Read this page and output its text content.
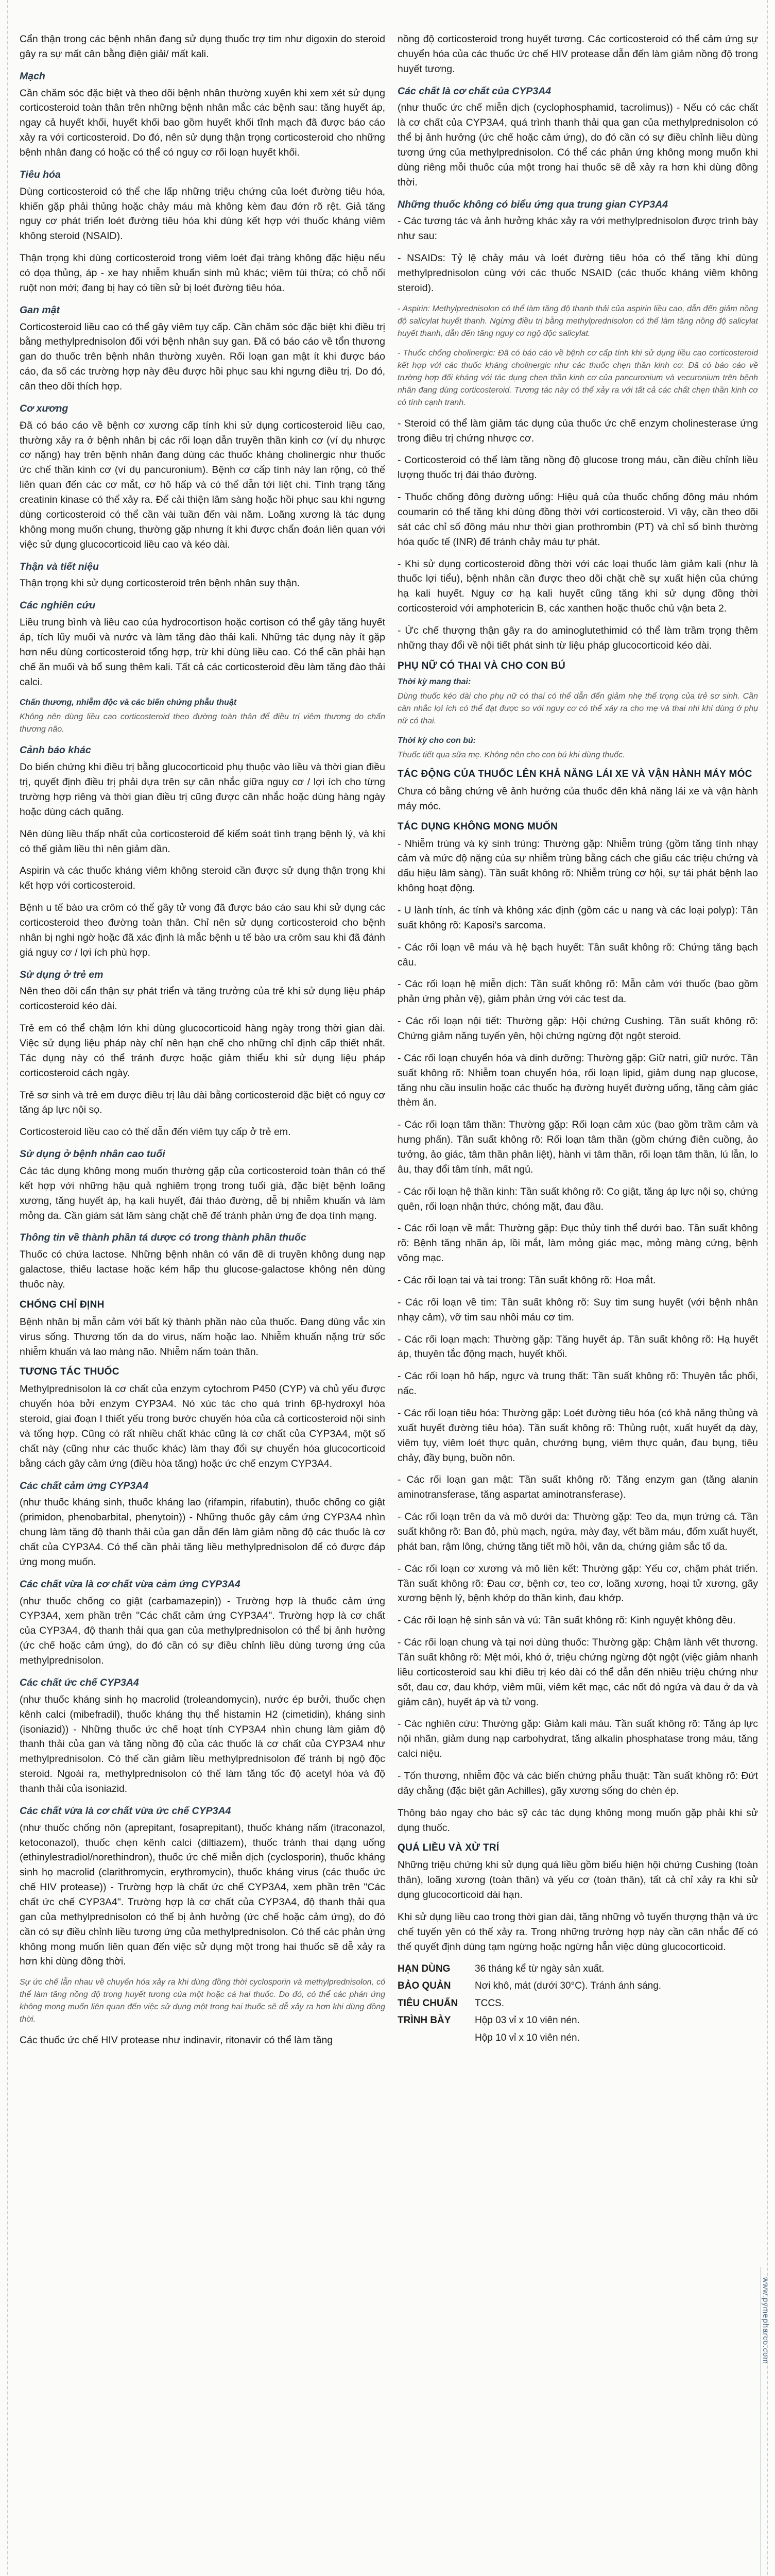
Cẩn thận trong các bệnh nhân đang sử dụng thuốc trợ tim như digoxin do steroid gây ra sự mất cân bằng điện giải/ mất kali.
Mạch
Cần chăm sóc đặc biệt và theo dõi bệnh nhân thường xuyên khi xem xét sử dụng corticosteroid toàn thân trên những bệnh nhân mắc các bệnh sau: tăng huyết áp, ngay cả huyết khối, huyết khối bao gồm huyết khối tĩnh mạch đã được báo cáo xảy ra với corticosteroid. Do đó, nên sử dụng thận trọng corticosteroid cho những bệnh nhân đang có hoặc có thể có nguy cơ rối loạn huyết khối.
Tiêu hóa
Dùng corticosteroid có thể che lấp những triệu chứng của loét đường tiêu hóa, khiến gặp phải thủng hoặc chảy máu mà không kèm đau đớn rõ rệt. Giả tăng nguy cơ phát triển loét đường tiêu hóa khi dùng kết hợp với thuốc kháng viêm không steroid (NSAID).
Thận trọng khi dùng corticosteroid trong viêm loét đại tràng không đặc hiệu nếu có dọa thủng, áp - xe hay nhiễm khuẩn sinh mủ khác; viêm túi thừa; có chỗ nối ruột non mới; đang bị hay có tiền sử bị loét đường tiêu hóa.
Gan mật
Corticosteroid liều cao có thể gây viêm tụy cấp. Cần chăm sóc đặc biệt khi điều trị bằng methylprednisolon đối với bệnh nhân suy gan. Đã có báo cáo về tổn thương gan do thuốc trên bệnh nhân thường xuyên. Rối loạn gan mật ít khi được báo cáo, đa số các trường hợp này đều được hồi phục sau khi ngưng điều trị. Do đó, cần theo dõi thích hợp.
Cơ xương
Đã có báo cáo về bệnh cơ xương cấp tính khi sử dụng corticosteroid liều cao, thường xảy ra ở bệnh nhân bị các rối loạn dẫn truyền thần kinh cơ (ví dụ nhược cơ nặng) hay trên bệnh nhân đang dùng các thuốc kháng cholinergic như thuốc ức chế thần kinh cơ (ví dụ pancuronium). Bệnh cơ cấp tính này lan rộng, có thể liên quan đến các cơ mắt, cơ hô hấp và có thể dẫn tới liệt chi. Tình trạng tăng creatinin kinase có thể xảy ra. Để cải thiện lâm sàng hoặc hồi phục sau khi ngưng dùng corticosteroid có thể cần vài tuần đến vài năm. Loãng xương là tác dụng không mong muốn chung, thường gặp nhưng ít khi được chẩn đoán liên quan với việc sử dụng glucocorticoid liều cao và kéo dài.
Thận và tiết niệu
Thận trọng khi sử dụng corticosteroid trên bệnh nhân suy thận.
Các nghiên cứu
Liều trung bình và liều cao của hydrocortison hoặc cortison có thể gây tăng huyết áp, tích lũy muối và nước và làm tăng đào thải kali. Những tác dụng này ít gặp hơn nếu dùng corticosteroid tổng hợp, trừ khi dùng liều cao. Có thể cần phải hạn chế ăn muối và bổ sung thêm kali. Tất cả các corticosteroid đều làm tăng đào thải calci.
Chấn thương, nhiễm độc và các biến chứng phẫu thuật
Không nên dùng liều cao corticosteroid theo đường toàn thân để điều trị viêm thương do chấn thương não.
Cảnh báo khác
Do biến chứng khi điều trị bằng glucocorticoid phụ thuộc vào liều và thời gian điều trị, quyết định điều trị phải dựa trên sự cân nhắc giữa nguy cơ / lợi ích cho từng trường hợp riêng và thời gian điều trị cũng được cân nhắc hoặc dùng hàng ngày hoặc dùng cách quãng.
Nên dùng liều thấp nhất của corticosteroid để kiểm soát tình trạng bệnh lý, và khi có thể giảm liều thì nên giảm dần.
Aspirin và các thuốc kháng viêm không steroid cần được sử dụng thận trọng khi kết hợp với corticosteroid.
Bệnh u tế bào ưa crôm có thể gây tử vong đã được báo cáo sau khi sử dụng các corticosteroid theo đường toàn thân. Chỉ nên sử dụng corticosteroid cho bệnh nhân bị nghi ngờ hoặc đã xác định là mắc bệnh u tế bào ưa crôm sau khi đã đánh giá nguy cơ / lợi ích phù hợp.
Sử dụng ở trẻ em
Nên theo dõi cẩn thận sự phát triển và tăng trưởng của trẻ khi sử dụng liệu pháp corticosteroid kéo dài.
Trẻ em có thể chậm lớn khi dùng glucocorticoid hàng ngày trong thời gian dài. Việc sử dụng liệu pháp này chỉ nên hạn chế cho những chỉ định cấp thiết nhất. Tác dụng này có thể tránh được hoặc giảm thiểu khi sử dụng liệu pháp corticosteroid cách ngày.
Trẻ sơ sinh và trẻ em được điều trị lâu dài bằng corticosteroid đặc biệt có nguy cơ tăng áp lực nội sọ.
Corticosteroid liều cao có thể dẫn đến viêm tụy cấp ở trẻ em.
Sử dụng ở bệnh nhân cao tuổi
Các tác dụng không mong muốn thường gặp của corticosteroid toàn thân có thể kết hợp với những hậu quả nghiêm trọng trong tuổi già, đặc biệt bệnh loãng xương, tăng huyết áp, hạ kali huyết, đái tháo đường, dễ bị nhiễm khuẩn và làm mỏng da. Cần giám sát lâm sàng chặt chẽ để tránh phản ứng đe dọa tính mạng.
Thông tin về thành phần tá dược có trong thành phần thuốc
Thuốc có chứa lactose. Những bệnh nhân có vấn đề di truyền không dung nạp galactose, thiếu lactase hoặc kém hấp thu glucose-galactose không nên dùng thuốc này.
CHỐNG CHỈ ĐỊNH
Bệnh nhân bị mẫn cảm với bất kỳ thành phần nào của thuốc. Đang dùng vắc xin virus sống. Thương tổn da do virus, nấm hoặc lao. Nhiễm khuẩn nặng trừ sốc nhiễm khuẩn và lao màng não. Nhiễm nấm toàn thân.
TƯƠNG TÁC THUỐC
Methylprednisolon là cơ chất của enzym cytochrom P450 (CYP) và chủ yếu được chuyển hóa bởi enzym CYP3A4. Nó xúc tác cho quá trình 6β-hydroxyl hóa steroid, giai đoạn I thiết yếu trong bước chuyển hóa của cả corticosteroid nội sinh và tổng hợp. Cũng có rất nhiều chất khác cũng là cơ chất của CYP3A4, một số chất này (cũng như các thuốc khác) làm thay đổi sự chuyển hóa glucocorticoid bằng cách gây cảm ứng (điều hòa tăng) hoặc ức chế enzym CYP3A4.
Các chất cảm ứng CYP3A4
(như thuốc kháng sinh, thuốc kháng lao (rifampin, rifabutin), thuốc chống co giật (primidon, phenobarbital, phenytoin)) - Những thuốc gây cảm ứng CYP3A4 nhìn chung làm tăng độ thanh thải của gan dẫn đến làm giảm nồng độ các thuốc là cơ chất của CYP3A4. Có thể cần phải tăng liều methylprednisolon để có được đáp ứng mong muốn.
Các chất vừa là cơ chất vừa cảm ứng CYP3A4
(như thuốc chống co giật (carbamazepin)) - Trường hợp là thuốc cảm ứng CYP3A4, xem phần trên "Các chất cảm ứng CYP3A4". Trường hợp là cơ chất của CYP3A4, độ thanh thải qua gan của methylprednisolon có thể bị ảnh hưởng (ức chế hoặc cảm ứng), do đó cần có sự điều chỉnh liều dùng tương ứng của methylprednisolon.
Các chất ức chế CYP3A4
(như thuốc kháng sinh họ macrolid (troleandomycin), nước ép bưởi, thuốc chẹn kênh calci (mibefradil), thuốc kháng thụ thể histamin H2 (cimetidin), kháng sinh (isoniazid)) - Những thuốc ức chế hoạt tính CYP3A4 nhìn chung làm giảm độ thanh thải của gan và tăng nồng độ của các thuốc là cơ chất của CYP3A4 như methylprednisolon. Có thể cần giảm liều methylprednisolon để tránh bị ngộ độc steroid. Ngoài ra, methylprednisolon có thể làm tăng tốc độ acetyl hóa và độ thanh thải của isoniazid.
Các chất vừa là cơ chất vừa ức chế CYP3A4
(như thuốc chống nôn (aprepitant, fosaprepitant), thuốc kháng nấm (itraconazol, ketoconazol), thuốc chẹn kênh calci (diltiazem), thuốc tránh thai dạng uống (ethinylestradiol/norethindron), thuốc ức chế miễn dịch (cyclosporin), thuốc kháng sinh họ macrolid (clarithromycin, erythromycin), thuốc kháng virus (các thuốc ức chế HIV protease)) - Trường hợp là chất ức chế CYP3A4, xem phần trên "Các chất ức chế CYP3A4". Trường hợp là cơ chất của CYP3A4, độ thanh thải qua gan của methylprednisolon có thể bị ảnh hưởng (ức chế hoặc cảm ứng), do đó cần có sự điều chỉnh liều tương ứng của methylprednisolon. Có thể các phản ứng không mong muốn liên quan đến việc sử dụng một trong hai thuốc sẽ dễ xảy ra hơn khi dùng đồng thời.
Sự ức chế lẫn nhau về chuyển hóa xảy ra khi dùng đồng thời cyclosporin và methylprednisolon, có thể làm tăng nồng độ trong huyết tương của một hoặc cả hai thuốc. Do đó, có thể các phản ứng không mong muốn liên quan đến việc sử dụng một trong hai thuốc sẽ dễ xảy ra hơn khi dùng đồng thời.
Các thuốc ức chế HIV protease như indinavir, ritonavir có thể làm tăng
nồng độ corticosteroid trong huyết tương. Các corticosteroid có thể cảm ứng sự chuyển hóa của các thuốc ức chế HIV protease dẫn đến làm giảm nồng độ trong huyết tương.
Các chất là cơ chất của CYP3A4
(như thuốc ức chế miễn dịch (cyclophosphamid, tacrolimus)) - Nếu có các chất là cơ chất của CYP3A4, quá trình thanh thải qua gan của methylprednisolon có thể bị ảnh hưởng (ức chế hoặc cảm ứng), do đó cần có sự điều chỉnh liều dùng tương ứng của methylprednisolon. Có thể các phản ứng không mong muốn khi dùng riêng mỗi thuốc của một trong hai thuốc sẽ dễ xảy ra hơn khi dùng đồng thời.
Những thuốc không có biểu ứng qua trung gian CYP3A4
- Các tương tác và ảnh hưởng khác xảy ra với methylprednisolon được trình bày như sau:
- NSAIDs: Tỷ lệ chảy máu và loét đường tiêu hóa có thể tăng khi dùng methylprednisolon cùng với các thuốc NSAID (các thuốc kháng viêm không steroid).
- Aspirin: Methylprednisolon có thể làm tăng độ thanh thải của aspirin liều cao, dẫn đến giảm nồng độ salicylat huyết thanh. Ngừng điều trị bằng methylprednisolon có thể làm tăng nồng độ salicylat huyết thanh, dẫn đến tăng nguy cơ ngộ độc salicylat.
- Thuốc chống cholinergic: Đã có báo cáo về bệnh cơ cấp tính khi sử dụng liều cao corticosteroid kết hợp với các thuốc kháng cholinergic như các thuốc chẹn thần kinh cơ. Đã có báo cáo về trường hợp đối kháng với tác dụng chẹn thần kinh cơ của pancuronium và vecuronium trên bệnh nhân đang dùng corticosteroid. Tương tác này có thể xảy ra với tất cả các chất chẹn thần kinh cơ có tính cạnh tranh.
- Steroid có thể làm giảm tác dụng của thuốc ức chế enzym cholinesterase ứng trong điều trị chứng nhược cơ.
- Corticosteroid có thể làm tăng nồng độ glucose trong máu, cần điều chỉnh liều lượng thuốc trị đái tháo đường.
- Thuốc chống đông đường uống: Hiệu quả của thuốc chống đông máu nhóm coumarin có thể tăng khi dùng đồng thời với corticosteroid. Vì vậy, cần theo dõi sát các chỉ số đông máu như thời gian prothrombin (PT) và chỉ số bình thường hóa quốc tế (INR) để tránh chảy máu tự phát.
- Khi sử dụng corticosteroid đồng thời với các loại thuốc làm giảm kali (như là thuốc lợi tiểu), bệnh nhân cần được theo dõi chặt chẽ sự xuất hiện của chứng hạ kali huyết. Nguy cơ hạ kali huyết cũng tăng khi sử dụng đồng thời corticosteroid với amphotericin B, các xanthen hoặc thuốc chủ vận beta 2.
- Ức chế thượng thận gây ra do aminoglutethimid có thể làm trầm trọng thêm những thay đổi về nội tiết phát sinh từ liệu pháp glucocorticoid kéo dài.
PHỤ NỮ CÓ THAI VÀ CHO CON BÚ
Thời kỳ mang thai:
Dùng thuốc kéo dài cho phụ nữ có thai có thể dẫn đến giảm nhẹ thể trọng của trẻ sơ sinh. Cần cân nhắc lợi ích có thể đạt được so với nguy cơ có thể xảy ra cho mẹ và thai nhi khi dùng ở phụ nữ có thai.
Thời kỳ cho con bú:
Thuốc tiết qua sữa mẹ. Không nên cho con bú khi dùng thuốc.
TÁC ĐỘNG CỦA THUỐC LÊN KHẢ NĂNG LÁI XE VÀ VẬN HÀNH MÁY MÓC
Chưa có bằng chứng về ảnh hưởng của thuốc đến khả năng lái xe và vận hành máy móc.
TÁC DỤNG KHÔNG MONG MUỐN
- Nhiễm trùng và ký sinh trùng: Thường gặp: Nhiễm trùng (gồm tăng tính nhạy cảm và mức độ nặng của sự nhiễm trùng bằng cách che giấu các triệu chứng và dấu hiệu lâm sàng). Tần suất không rõ: Nhiễm trùng cơ hội, sự tái phát bệnh lao không hoạt động.
- U lành tính, ác tính và không xác định (gồm các u nang và các loại polyp): Tần suất không rõ: Kaposi's sarcoma.
- Các rối loạn về máu và hệ bạch huyết: Tần suất không rõ: Chứng tăng bạch cầu.
- Các rối loạn hệ miễn dịch: Tần suất không rõ: Mẫn cảm với thuốc (bao gồm phản ứng phản vệ), giảm phản ứng với các test da.
- Các rối loạn nội tiết: Thường gặp: Hội chứng Cushing. Tần suất không rõ: Chứng giảm năng tuyến yên, hội chứng ngừng đột ngột steroid.
- Các rối loạn chuyển hóa và dinh dưỡng: Thường gặp: Giữ natri, giữ nước. Tần suất không rõ: Nhiễm toan chuyển hóa, rối loạn lipid, giảm dung nạp glucose, tăng nhu cầu insulin hoặc các thuốc hạ đường huyết đường uống, tăng cảm giác thèm ăn.
- Các rối loạn tâm thần: Thường gặp: Rối loạn cảm xúc (bao gồm trầm cảm và hưng phấn). Tần suất không rõ: Rối loạn tâm thần (gồm chứng điên cuồng, ảo tưởng, ảo giác, tâm thần phân liệt), hành vi tâm thần, rối loạn tâm thần, lú lẫn, lo âu, thay đổi tâm tính, mất ngủ.
- Các rối loạn hệ thần kinh: Tần suất không rõ: Co giật, tăng áp lực nội sọ, chứng quên, rối loạn nhận thức, chóng mặt, đau đầu.
- Các rối loạn về mắt: Thường gặp: Đục thủy tinh thể dưới bao. Tần suất không rõ: Bệnh tăng nhãn áp, lồi mắt, làm mỏng giác mạc, mỏng màng cứng, bệnh võng mạc.
- Các rối loạn tai và tai trong: Tần suất không rõ: Hoa mắt.
- Các rối loạn về tim: Tần suất không rõ: Suy tim sung huyết (với bệnh nhân nhạy cảm), vỡ tim sau nhồi máu cơ tim.
- Các rối loạn mạch: Thường gặp: Tăng huyết áp. Tần suất không rõ: Hạ huyết áp, thuyên tắc động mạch, huyết khối.
- Các rối loạn hô hấp, ngực và trung thất: Tần suất không rõ: Thuyên tắc phổi, nấc.
- Các rối loạn tiêu hóa: Thường gặp: Loét đường tiêu hóa (có khả năng thủng và xuất huyết đường tiêu hóa). Tần suất không rõ: Thủng ruột, xuất huyết dạ dày, viêm tụy, viêm loét thực quản, chướng bụng, viêm thực quản, đau bụng, tiêu chảy, đầy bụng, buồn nôn.
- Các rối loạn gan mật: Tần suất không rõ: Tăng enzym gan (tăng alanin aminotransferase, tăng aspartat aminotransferase).
- Các rối loạn trên da và mô dưới da: Thường gặp: Teo da, mụn trứng cá. Tần suất không rõ: Ban đỏ, phù mạch, ngứa, mày đay, vết bầm máu, đốm xuất huyết, phát ban, rậm lông, chứng tăng tiết mồ hôi, vân da, chứng giảm sắc tố da.
- Các rối loạn cơ xương và mô liên kết: Thường gặp: Yếu cơ, chậm phát triển. Tần suất không rõ: Đau cơ, bệnh cơ, teo cơ, loãng xương, hoại tử xương, gãy xương bệnh lý, bệnh khớp do thần kinh, đau khớp.
- Các rối loạn hệ sinh sản và vú: Tần suất không rõ: Kinh nguyệt không đều.
- Các rối loạn chung và tại nơi dùng thuốc: Thường gặp: Chậm lành vết thương. Tần suất không rõ: Mệt mỏi, khó ở, triệu chứng ngừng đột ngột (việc giảm nhanh liều corticosteroid sau khi điều trị kéo dài có thể dẫn đến nhiều triệu chứng như sốt, đau cơ, đau khớp, viêm mũi, viêm kết mạc, các nốt đỏ ngứa và đau ở da và giảm cân), huyết áp và tử vong.
- Các nghiên cứu: Thường gặp: Giảm kali máu. Tần suất không rõ: Tăng áp lực nội nhãn, giảm dung nạp carbohydrat, tăng alkalin phosphatase trong máu, tăng calci niệu.
- Tổn thương, nhiễm độc và các biến chứng phẫu thuật: Tần suất không rõ: Đứt dây chằng (đặc biệt gân Achilles), gãy xương sống do chèn ép.
Thông báo ngay cho bác sỹ các tác dụng không mong muốn gặp phải khi sử dụng thuốc.
QUÁ LIỀU VÀ XỬ TRÍ
Những triệu chứng khi sử dụng quá liều gồm biểu hiện hội chứng Cushing (toàn thân), loãng xương (toàn thân) và yếu cơ (toàn thân), tất cả chỉ xảy ra khi sử dụng glucocorticoid dài hạn.
Khi sử dụng liều cao trong thời gian dài, tăng những vỏ tuyến thượng thận và ức chế tuyến yên có thể xảy ra. Trong những trường hợp này cần cân nhắc để có thể quyết định dùng tạm ngừng hoặc ngừng hẳn việc dùng glucocorticoid.
HẠN DÙNG	36 tháng kể từ ngày sản xuất.
BẢO QUẢN	Nơi khô, mát (dưới 30°C). Tránh ánh sáng.
TIÊU CHUẨN	TCCS.
TRÌNH BÀY	Hộp 03 vỉ x 10 viên nén.
Hộp 10 vỉ x 10 viên nén.
www.pymepharco.com
